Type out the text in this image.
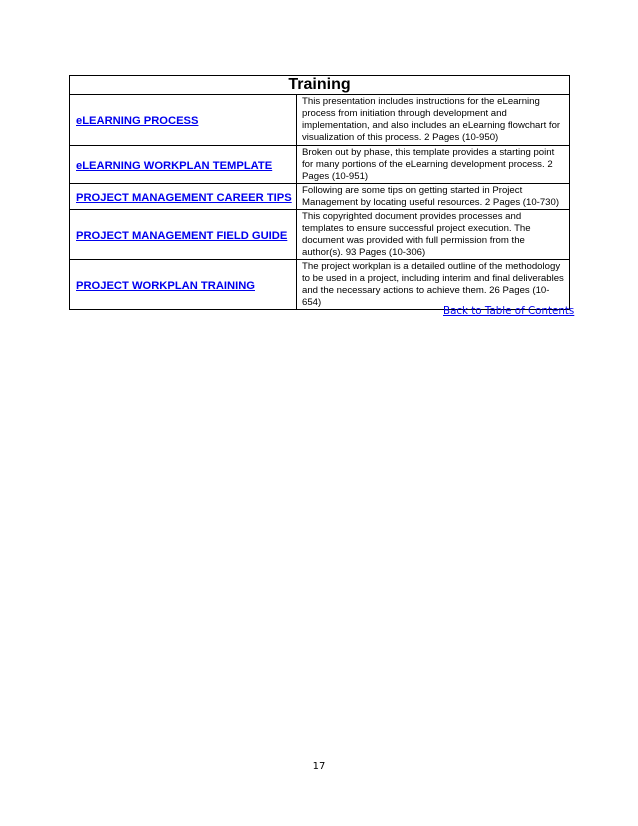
Training	
eLEARNING PROCESS	This presentation includes instructions for the eLearning process from initiation through development and implementation, and also includes an eLearning flowchart for visualization of this process. 2 Pages (10-950)
eLEARNING WORKPLAN TEMPLATE	Broken out by phase, this template provides a starting point for many portions of the eLearning development process. 2 Pages (10-951)
PROJECT MANAGEMENT CAREER TIPS	Following are some tips on getting started in Project Management by locating useful resources. 2 Pages (10-730)
PROJECT MANAGEMENT FIELD GUIDE	This copyrighted document provides processes and templates to ensure successful project execution. The document was provided with full permission from the author(s). 93 Pages (10-306)
PROJECT WORKPLAN TRAINING	The project workplan is a detailed outline of the methodology to be used in a project, including interim and final deliverables and the necessary actions to achieve them. 26 Pages (10-654)
Back to Table of Contents
17
